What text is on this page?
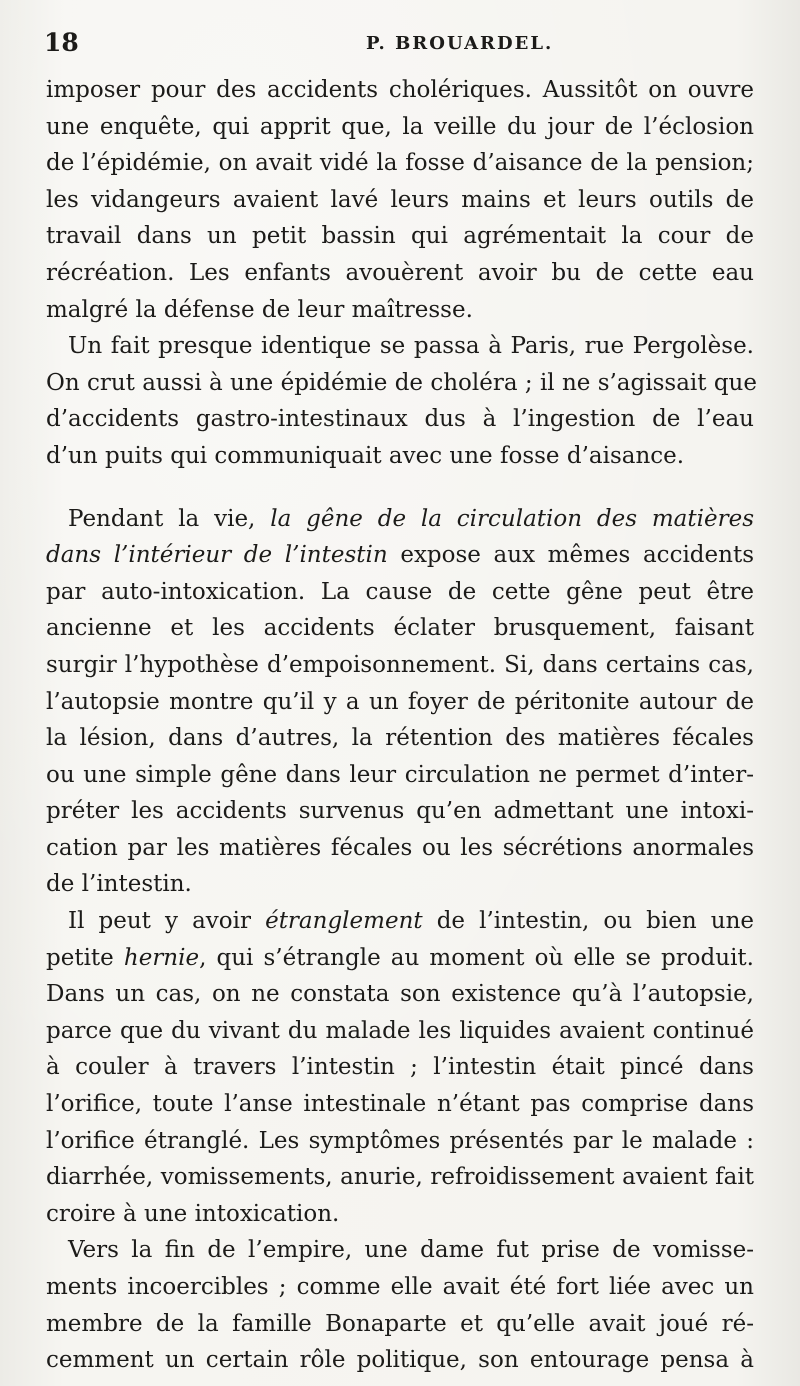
18	P. BROUARDEL.
imposer pour des accidents cholériques. Aussitôt on ouvre
une enquête, qui apprit que, la veille du jour de l’éclosion
de l’épidémie, on avait vidé la fosse d’aisance de la pension;
les vidangeurs avaient lavé leurs mains et leurs outils de
travail dans un petit bassin qui agrémentait la cour de
récréation. Les enfants avouèrent avoir bu de cette eau
malgré la défense de leur maîtresse.
Un fait presque identique se passa à Paris, rue Pergolèse.
On crut aussi à une épidémie de choléra ; il ne s’agissait que
d’accidents gastro-intestinaux dus à l’ingestion de l’eau
d’un puits qui communiquait avec une fosse d’aisance.
Pendant la vie, la gêne de la circulation des matières
dans l’intérieur de l’intestin expose aux mêmes accidents
par auto-intoxication. La cause de cette gêne peut être
ancienne et les accidents éclater brusquement, faisant
surgir l’hypothèse d’empoisonnement. Si, dans certains cas,
l’autopsie montre qu’il y a un foyer de péritonite autour de
la lésion, dans d’autres, la rétention des matières fécales
ou une simple gêne dans leur circulation ne permet d’inter-
préter les accidents survenus qu’en admettant une intoxi-
cation par les matières fécales ou les sécrétions anormales
de l’intestin.
Il peut y avoir étranglement de l’intestin, ou bien une
petite hernie, qui s’étrangle au moment où elle se produit.
Dans un cas, on ne constata son existence qu’à l’autopsie,
parce que du vivant du malade les liquides avaient continué
à couler à travers l’intestin ; l’intestin était pincé dans
l’orifice, toute l’anse intestinale n’étant pas comprise dans
l’orifice étranglé. Les symptômes présentés par le malade :
diarrhée, vomissements, anurie, refroidissement avaient fait
croire à une intoxication.
Vers la fin de l’empire, une dame fut prise de vomisse-
ments incoercibles ; comme elle avait été fort liée avec un
membre de la famille Bonaparte et qu’elle avait joué ré-
cemment un certain rôle politique, son entourage pensa à
